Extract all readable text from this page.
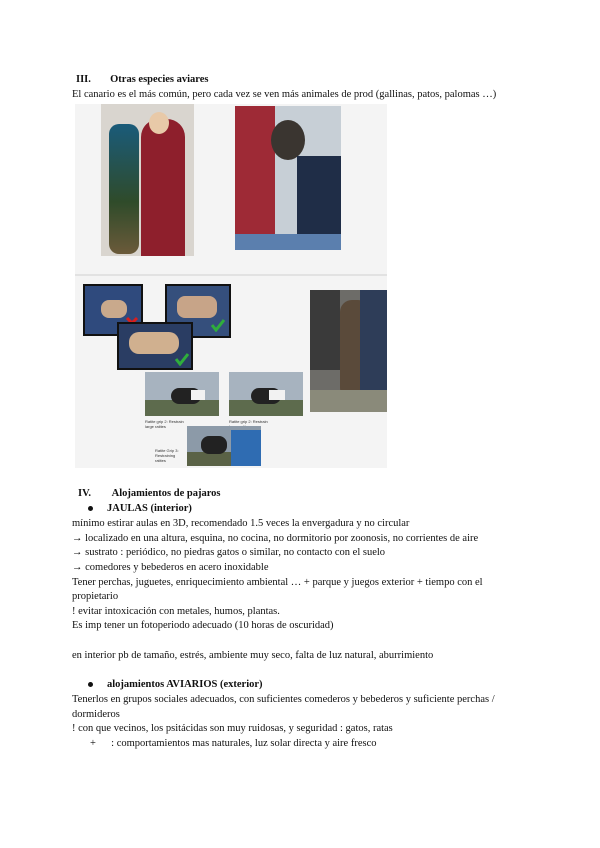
III. Otras especies aviares
El canario es el más común, pero cada vez se ven más animales de prod (gallinas, patos, palomas …)
Ratite grip 2: Restrain large ratites
Ratite grip 2: Restrain
Ratite Grip 3: Restraining ratites
IV. Alojamientos de pajaros
JAULAS (interior)
mínimo estirar aulas en 3D, recomendado 1.5 veces la envergadura y no circular
→ localizado en una altura, esquina, no cocina, no dormitorio por zoonosis, no corrientes de aire
→ sustrato : periódico, no piedras gatos o similar, no contacto con el suelo
→ comedores y bebederos en acero inoxidable
Tener perchas, juguetes, enriquecimiento ambiental … + parque y juegos exterior + tiempo con el
propietario
! evitar intoxicación con metales, humos, plantas.
Es imp tener un fotoperiodo adecuado (10 horas de oscuridad)
en interior pb de tamaño, estrés, ambiente muy seco, falta de luz natural, aburrimiento
alojamientos AVIARIOS (exterior)
Tenerlos en grupos sociales adecuados, con suficientes comederos y bebederos y suficiente perchas /
dormideros
! con que vecinos, los psitácidas son muy ruidosas, y seguridad : gatos, ratas
+ : comportamientos mas naturales, luz solar directa y aire fresco
